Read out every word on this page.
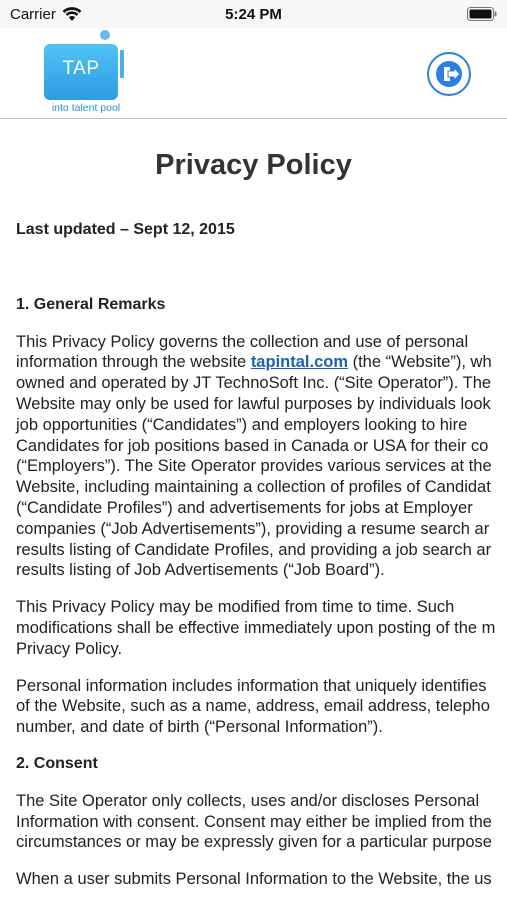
Carrier	5:24 PM
TAP
into talent pool
Privacy Policy
Last updated – Sept 12, 2015
1. General Remarks

This Privacy Policy governs the collection and use of personal

information through the website tapintal.com (the “Website”), wh

owned and operated by JT TechnoSoft Inc. (“Site Operator”). The

Website may only be used for lawful purposes by individuals look

job opportunities (“Candidates”) and employers looking to hire

Candidates for job positions based in Canada or USA for their co

(“Employers”). The Site Operator provides various services at the

Website, including maintaining a collection of profiles of Candidat

(“Candidate Profiles”) and advertisements for jobs at Employer

companies (“Job Advertisements”), providing a resume search ar

results listing of Candidate Profiles, and providing a job search ar

results listing of Job Advertisements (“Job Board”).

This Privacy Policy may be modified from time to time. Such

modifications shall be effective immediately upon posting of the m

Privacy Policy.

Personal information includes information that uniquely identifies

of the Website, such as a name, address, email address, telepho

number, and date of birth (“Personal Information”).

2. Consent

The Site Operator only collects, uses and/or discloses Personal

Information with consent. Consent may either be implied from the

circumstances or may be expressly given for a particular purpose

When a user submits Personal Information to the Website, the us
